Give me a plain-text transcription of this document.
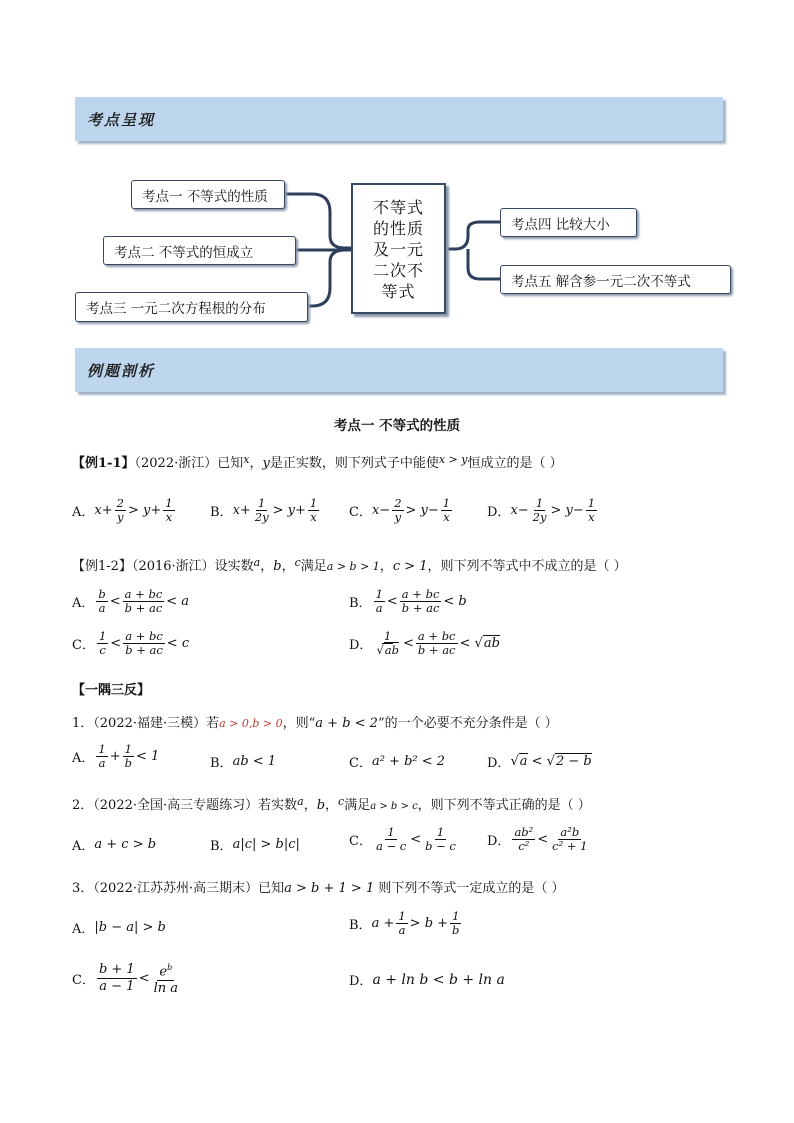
考点呈现
考点一 不等式的性质
考点二 不等式的恒成立
考点三 一元二次方程根的分布
不等式
的性质
及一元
二次不
等式
考点四 比较大小
考点五 解含参一元二次不等式
例题剖析
考点一 不等式的性质
【例1-1】（2022·浙江）已知$^x$，y是正实数，则下列式子中能使$^{x > y}$恒成立的是（ ）
A． $x+ \frac{2}{y} > y+ \frac{1}{x}$	B． $x+ \frac{1}{2y} > y+ \frac{1}{x}$ C． $x- \frac{2}{y} > y- \frac{1}{x}$	D． $x- \frac{1}{2y} > y- \frac{1}{x}$
【例1-2】（2016·浙江）设实数$^a$，b，$^c$满足a > b > 1，c > 1，则下列不等式中不成立的是（ ）
A． $\frac{b}{a} < \frac{a + bc}{b + ac} < a$	B． $\frac{1}{a} < \frac{a + bc}{b + ac} < b$
C． $\frac{1}{c} < \frac{a + bc}{b + ac} < c$	D． $\frac{1}{√ab} < \frac{a + bc}{b + ac} < √ab$
【一隅三反】
1．（2022·福建·三模）若a > 0,b > 0，则“a + b < 2”的一个必要不充分条件是（ ）
A． $\frac{1}{a} + \frac{1}{b} < 1$	B． ab < 1	C． a² + b² < 2	D． √a < √2 − b
2．（2022·全国·高三专题练习）若实数$^a$，b，$^c$满足a > b > c，则下列不等式正确的是（ ）
A． a + c > b	B． a|c| > b|c|	C． $\frac{1}{a - c} < \frac{1}{b - c}$ D． $\frac{\text{ab²}}{\text{c²}} < \frac{\text{a²b}}{\text{c² + 1}}$
3．（2022·江苏苏州·高三期末）已知a > b + 1 > 1 则下列不等式一定成立的是（ ）
A． |b − a| > b	B． $a + \frac{1}{a} > b + \frac{1}{b}$
C． $\frac{b + 1}{a - 1} < \frac{e^b}{\text{ln a}}$	D． a + ln b < b + ln a
